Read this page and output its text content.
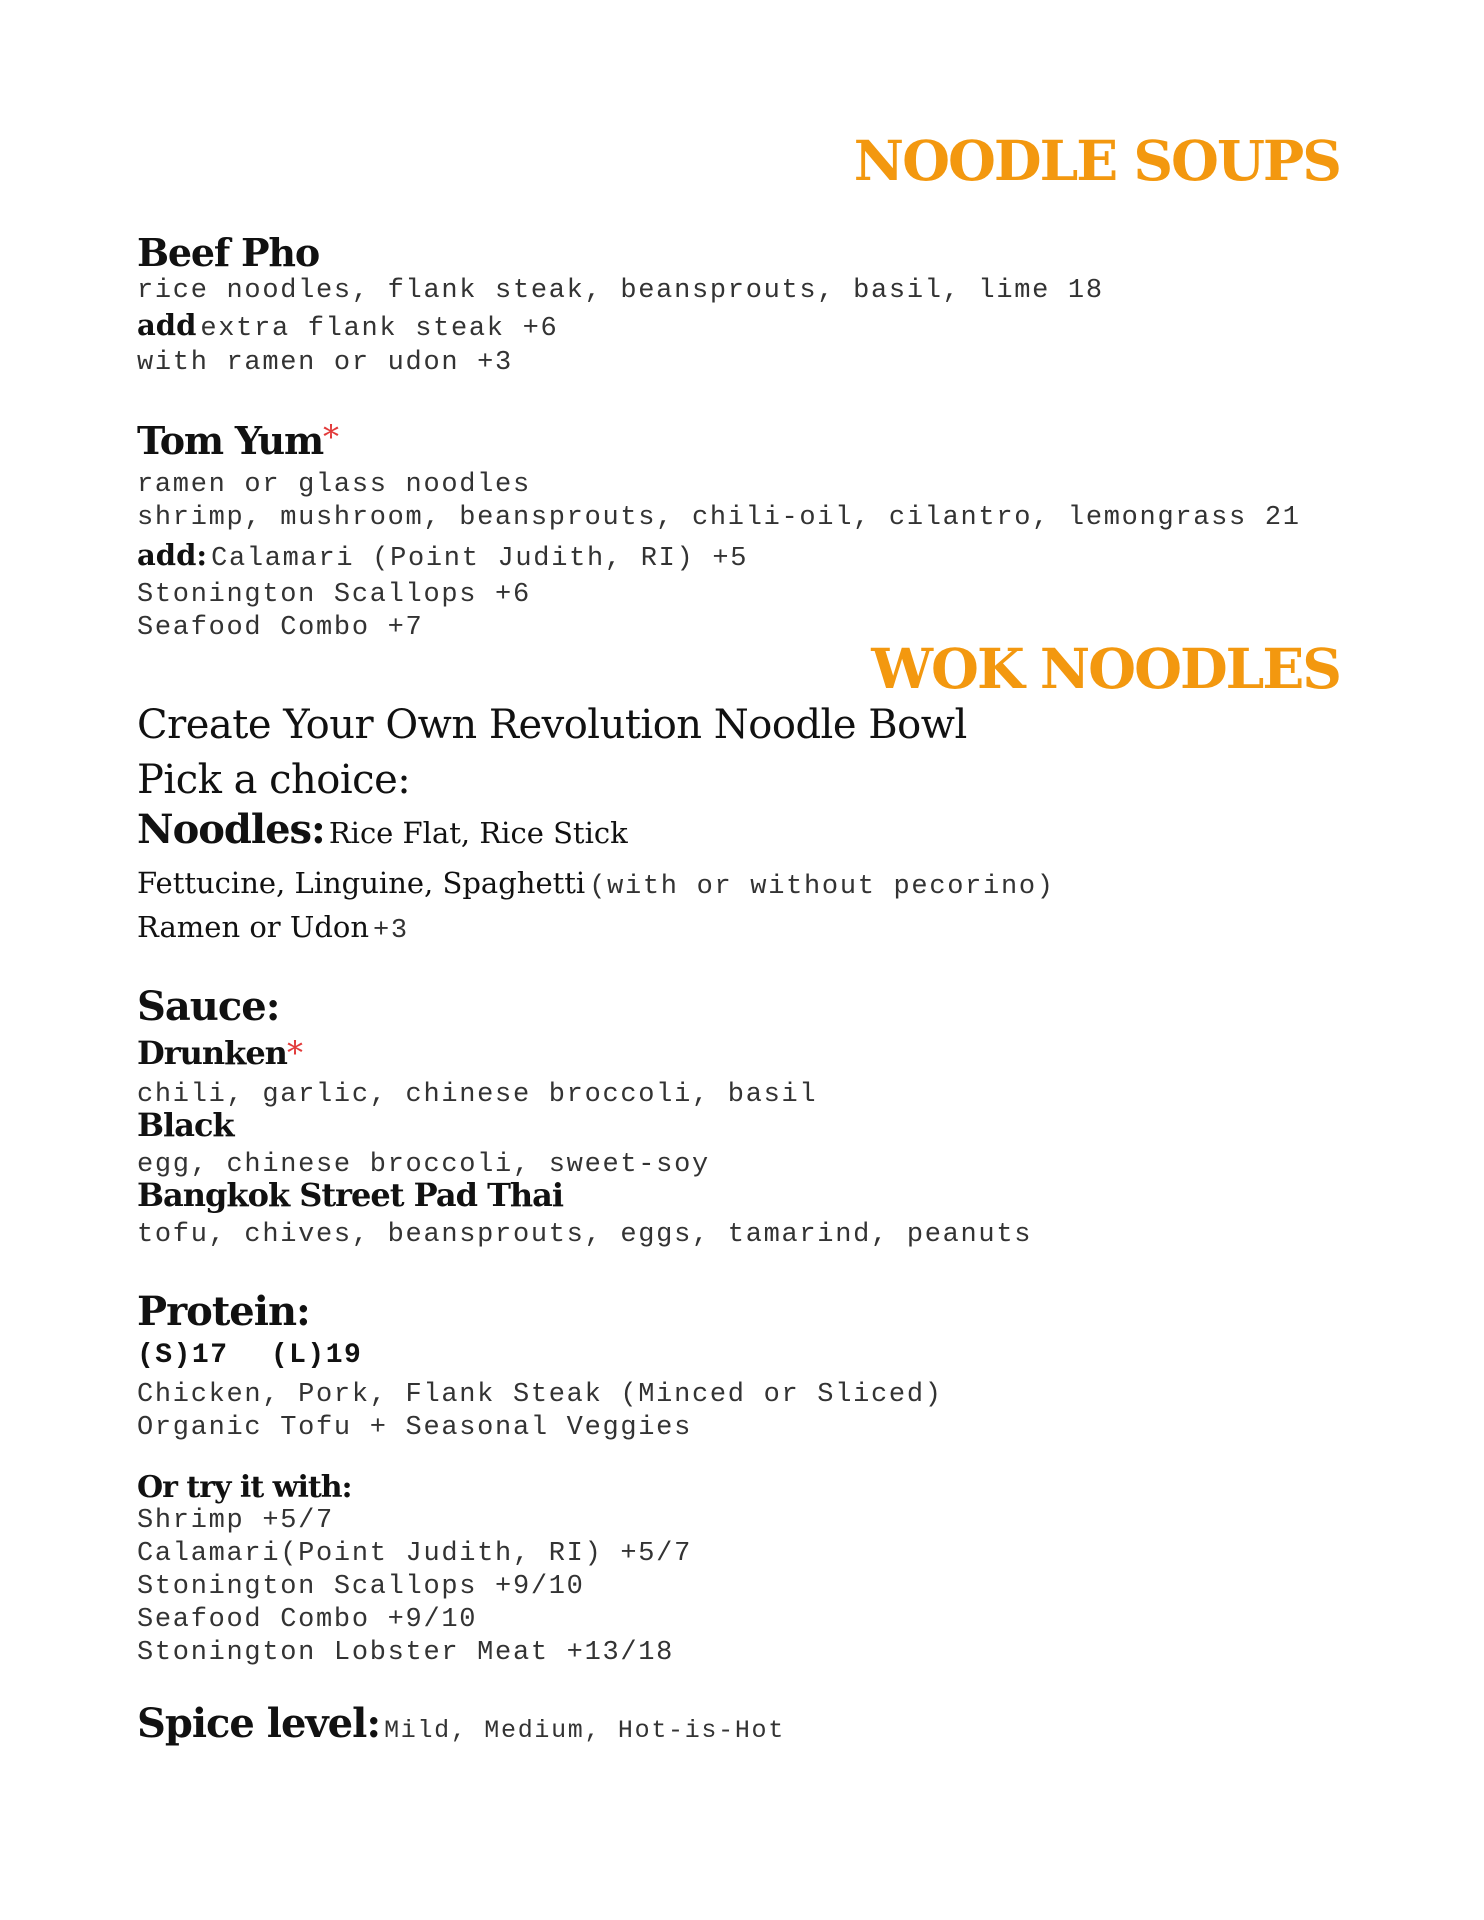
NOODLE SOUPS
Beef Pho
rice noodles, flank steak, beansprouts, basil, lime 18
add extra flank steak +6
with ramen or udon +3
Tom Yum*
ramen or glass noodles
shrimp, mushroom, beansprouts, chili-oil, cilantro, lemongrass 21
add: Calamari (Point Judith, RI) +5
Stonington Scallops +6
Seafood Combo +7
WOK NOODLES
Create Your Own Revolution Noodle Bowl
Pick a choice:
Noodles: Rice Flat, Rice Stick
Fettucine, Linguine, Spaghetti (with or without pecorino)
Ramen or Udon +3
Sauce:
Drunken*
chili, garlic, chinese broccoli, basil
Black
egg, chinese broccoli, sweet-soy
Bangkok Street Pad Thai
tofu, chives, beansprouts, eggs, tamarind, peanuts
Protein:
(S)17 (L)19
Chicken, Pork, Flank Steak (Minced or Sliced)
Organic Tofu + Seasonal Veggies
Or try it with:
Shrimp +5/7
Calamari(Point Judith, RI) +5/7
Stonington Scallops +9/10
Seafood Combo +9/10
Stonington Lobster Meat +13/18
Spice level: Mild, Medium, Hot-is-Hot
